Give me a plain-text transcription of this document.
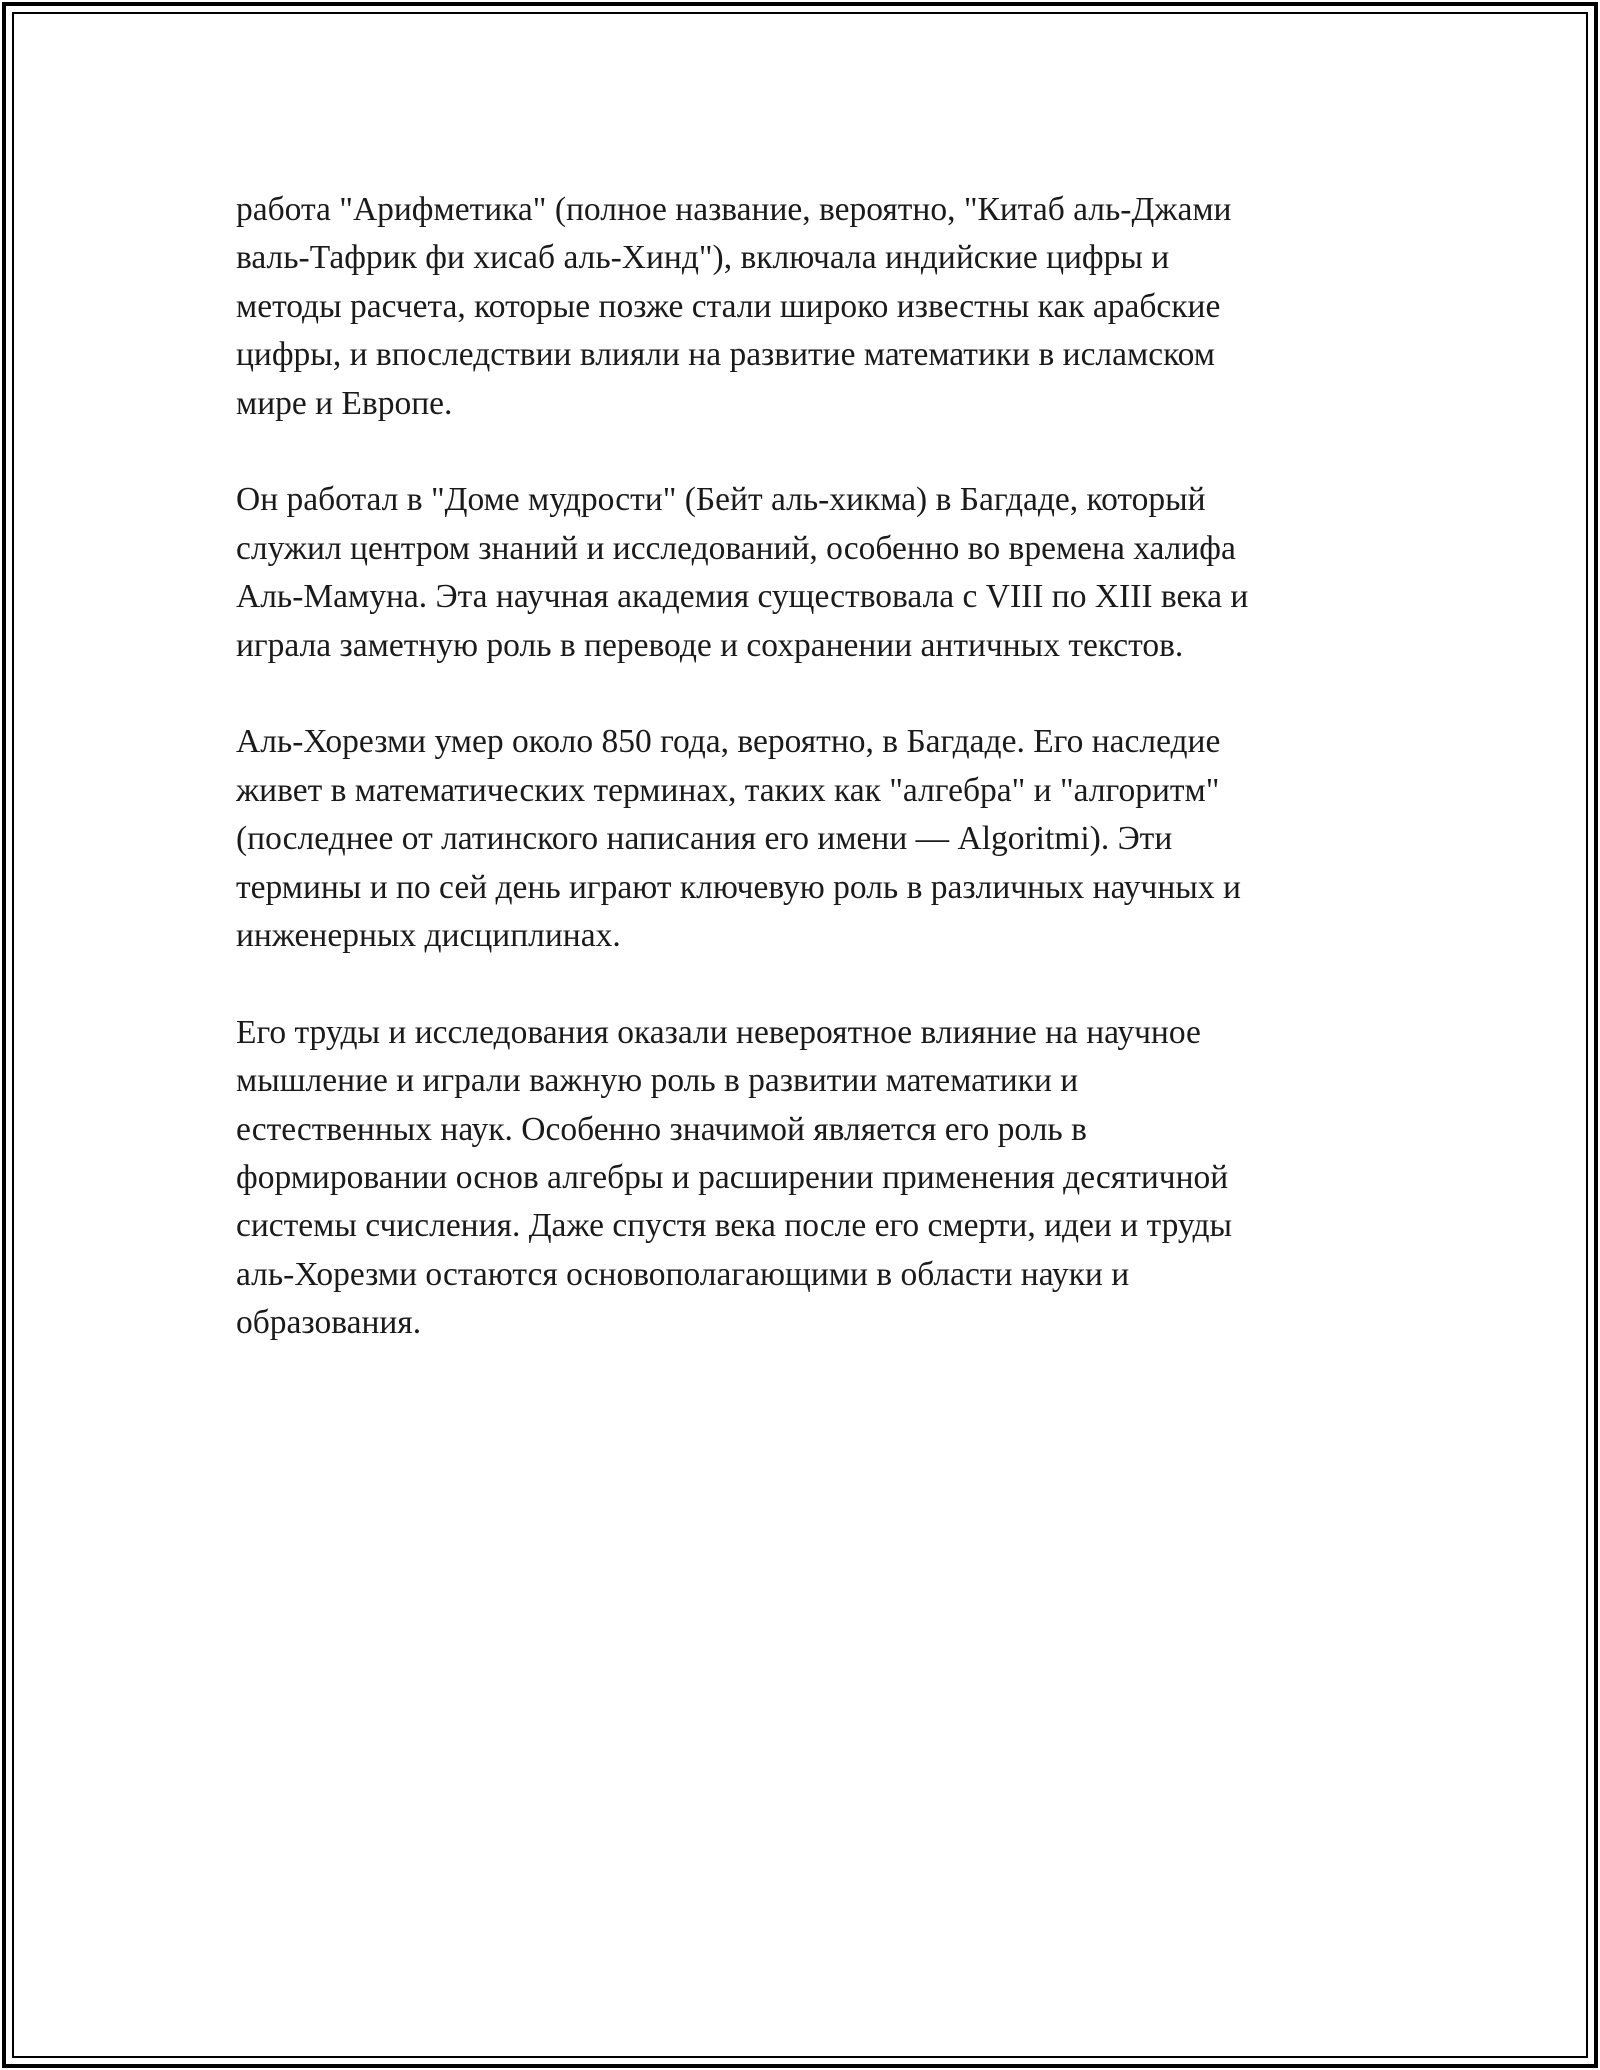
работа "Арифметика" (полное название, вероятно, "Китаб аль-Джами
валь-Тафрик фи хисаб аль-Хинд"), включала индийские цифры и
методы расчета, которые позже стали широко известны как арабские
цифры, и впоследствии влияли на развитие математики в исламском
мире и Европе.

Он работал в "Доме мудрости" (Бейт аль-хикма) в Багдаде, который
служил центром знаний и исследований, особенно во времена халифа
Аль-Мамуна. Эта научная академия существовала с VIII по XIII века и
играла заметную роль в переводе и сохранении античных текстов.

Аль-Хорезми умер около 850 года, вероятно, в Багдаде. Его наследие
живет в математических терминах, таких как "алгебра" и "алгоритм"
(последнее от латинского написания его имени — Algoritmi). Эти
термины и по сей день играют ключевую роль в различных научных и
инженерных дисциплинах.

Его труды и исследования оказали невероятное влияние на научное
мышление и играли важную роль в развитии математики и
естественных наук. Особенно значимой является его роль в
формировании основ алгебры и расширении применения десятичной
системы счисления. Даже спустя века после его смерти, идеи и труды
аль-Хорезми остаются основополагающими в области науки и
образования.
